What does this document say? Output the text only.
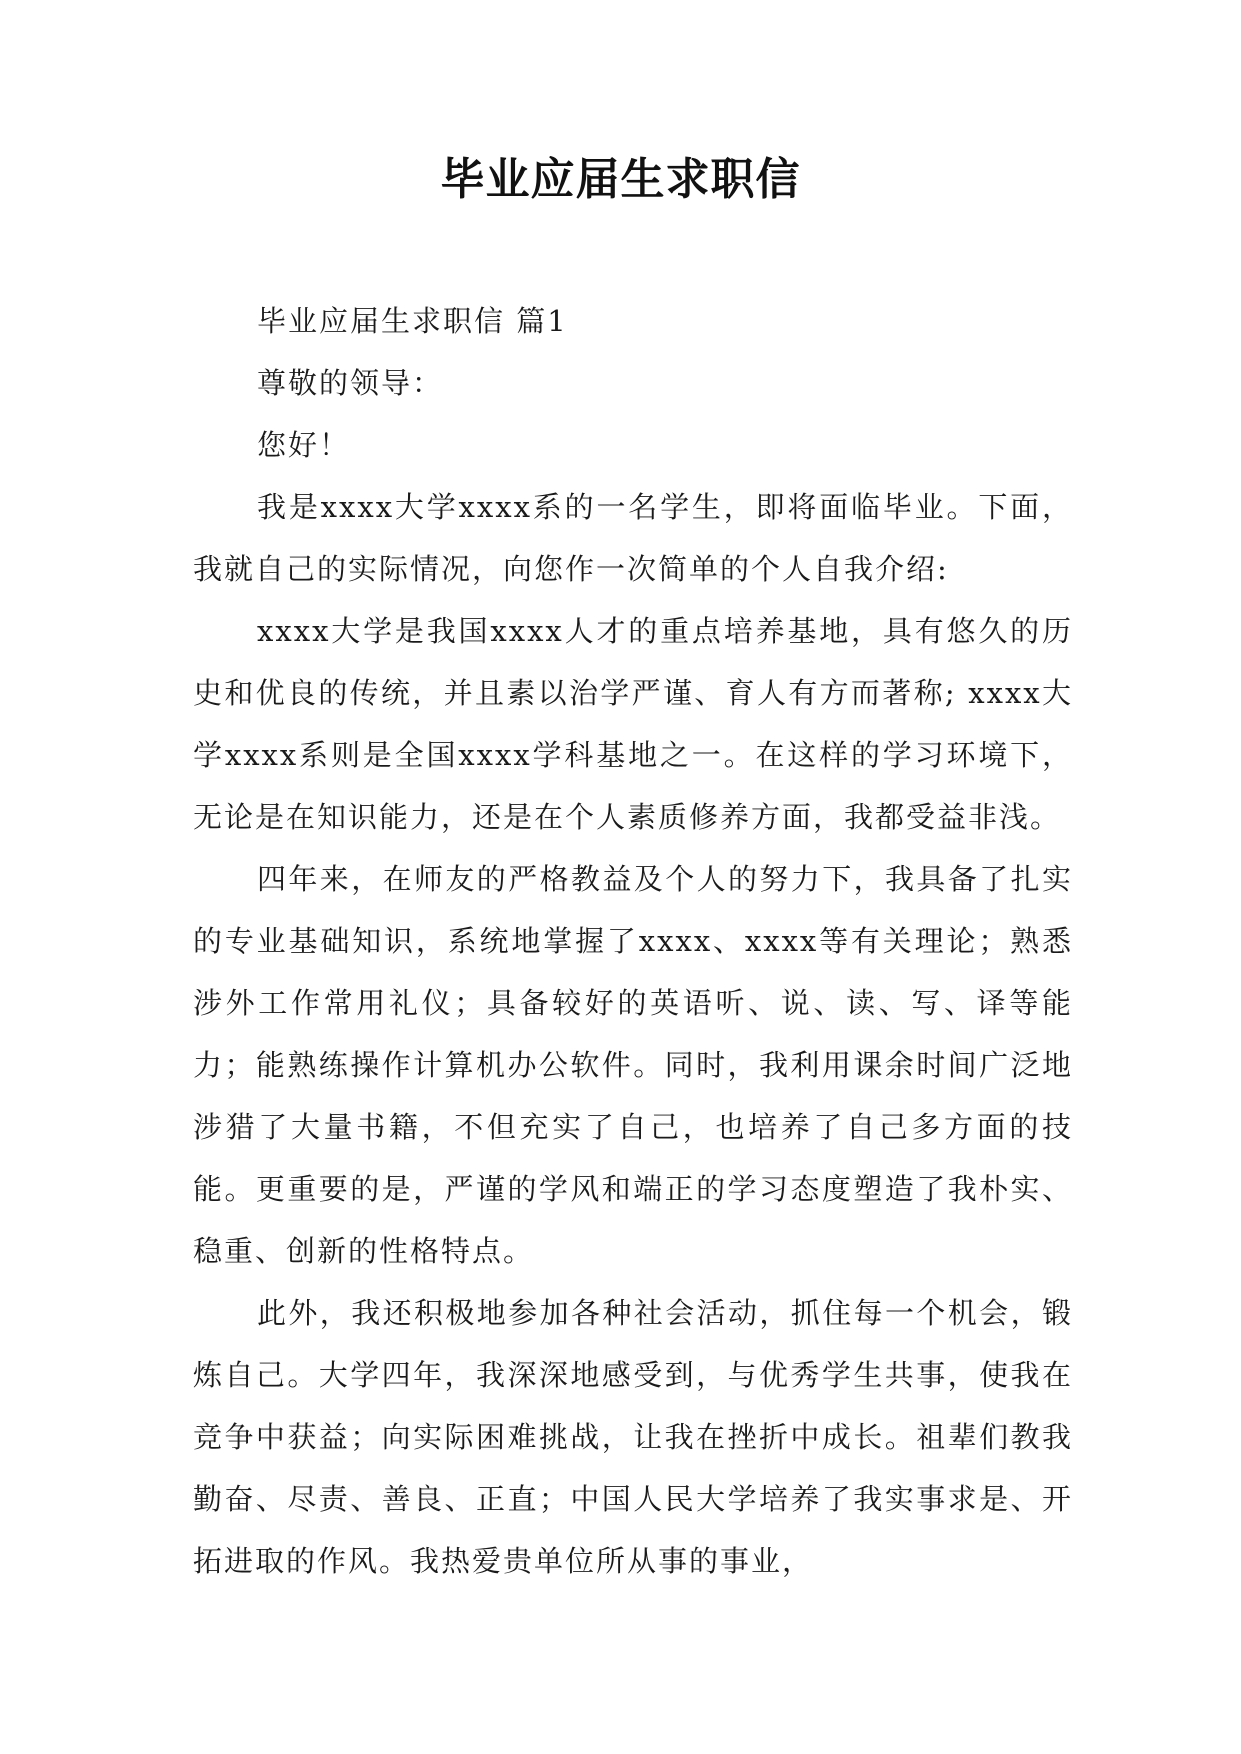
毕业应届生求职信

毕业应届生求职信 篇1

尊敬的领导：

您好！

我是xxxx大学xxxx系的一名学生，即将面临毕业。下面，我就自己的实际情况，向您作一次简单的个人自我介绍:

xxxx大学是我国xxxx人才的重点培养基地，具有悠久的历史和优良的传统，并且素以治学严谨、育人有方而著称; xxxx大学xxxx系则是全国xxxx学科基地之一。在这样的学习环境下，无论是在知识能力，还是在个人素质修养方面，我都受益非浅。

四年来，在师友的严格教益及个人的努力下，我具备了扎实的专业基础知识，系统地掌握了xxxx、xxxx等有关理论；熟悉涉外工作常用礼仪；具备较好的英语听、说、读、写、译等能力；能熟练操作计算机办公软件。同时，我利用课余时间广泛地涉猎了大量书籍，不但充实了自己，也培养了自己多方面的技能。更重要的是，严谨的学风和端正的学习态度塑造了我朴实、稳重、创新的性格特点。

此外，我还积极地参加各种社会活动，抓住每一个机会，锻炼自己。大学四年，我深深地感受到，与优秀学生共事，使我在竞争中获益；向实际困难挑战，让我在挫折中成长。祖辈们教我勤奋、尽责、善良、正直；中国人民大学培养了我实事求是、开拓进取的作风。我热爱贵单位所从事的事业，
